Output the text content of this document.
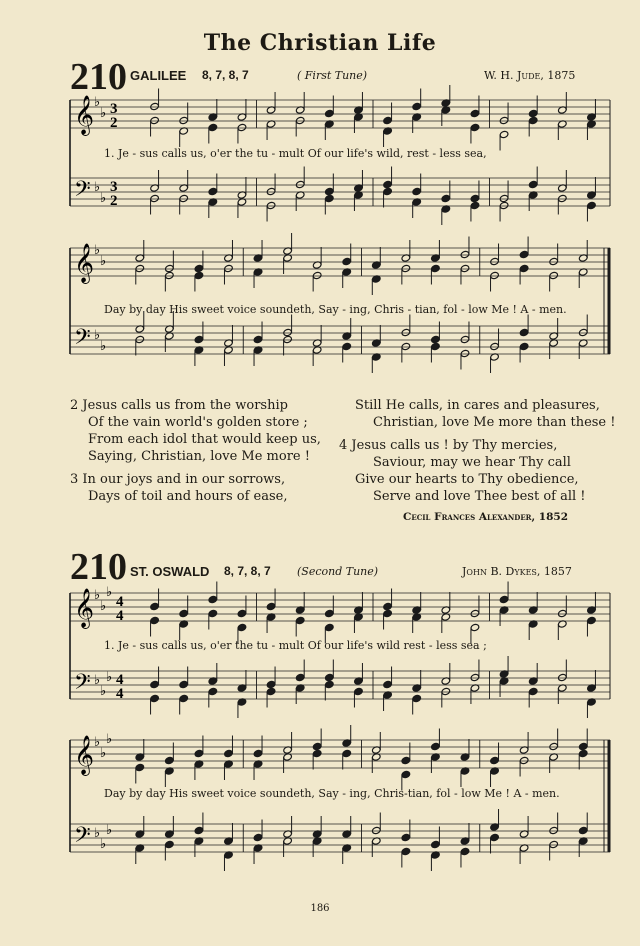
The Christian Life
210 GALILEE 8, 7, 8, 7	( First Tune)	W. H. Jude, 1875
𝄞
𝄢
♭
♭
♭
♭
3
2
3
2
1. Je - sus calls us, o'er the tu - mult Of our life's wild, rest - less sea,
𝄞
𝄢
♭
♭
♭
♭
Day by day His sweet voice soundeth, Say - ing, Chris - tian, fol - low Me ! A - men.
2 Jesus calls us from the worship
Of the vain world's golden store ;
From each idol that would keep us,
Saying, Christian, love Me more !
3 In our joys and in our sorrows,
Days of toil and hours of ease,
Still He calls, in cares and pleasures,
Christian, love Me more than these !
4 Jesus calls us ! by Thy mercies,
Saviour, may we hear Thy call
Give our hearts to Thy obedience,
Serve and love Thee best of all !
Cecil Frances Alexander, 1852
210 ST. OSWALD 8, 7, 8, 7 (Second Tune)	John B. Dykes, 1857
𝄞
𝄢
♭
♭
♭
♭
♭
♭
4
4
4
4
1. Je - sus calls us, o'er the tu - mult Of our life's wild rest - less sea ;
𝄞
𝄢
♭
♭
♭
♭
♭
♭
Day by day His sweet voice soundeth, Say - ing, Chris-tian, fol - low Me ! A - men.
186
